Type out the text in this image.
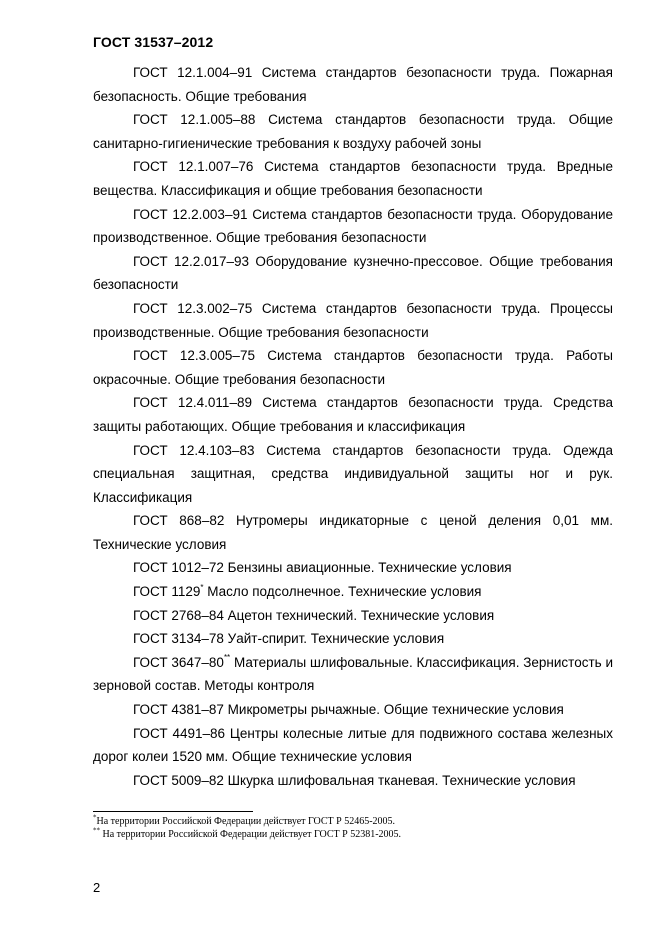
ГОСТ 31537–2012

ГОСТ 12.1.004–91 Система стандартов безопасности труда. Пожарная безопасность. Общие требования

ГОСТ 12.1.005–88 Система стандартов безопасности труда. Общие санитарно-гигиенические требования к воздуху рабочей зоны

ГОСТ 12.1.007–76 Система стандартов безопасности труда. Вредные вещества. Классификация и общие требования безопасности

ГОСТ 12.2.003–91 Система стандартов безопасности труда. Оборудование производственное. Общие требования безопасности

ГОСТ 12.2.017–93 Оборудование кузнечно-прессовое. Общие требования безопасности

ГОСТ 12.3.002–75 Система стандартов безопасности труда. Процессы производственные. Общие требования безопасности

ГОСТ 12.3.005–75 Система стандартов безопасности труда. Работы окрасочные. Общие требования безопасности

ГОСТ 12.4.011–89 Система стандартов безопасности труда. Средства защиты работающих. Общие требования и классификация

ГОСТ 12.4.103–83 Система стандартов безопасности труда. Одежда специальная защитная, средства индивидуальной защиты ног и рук. Классификация

ГОСТ 868–82 Нутромеры индикаторные с ценой деления 0,01 мм. Технические условия

ГОСТ 1012–72 Бензины авиационные. Технические условия

ГОСТ 1129* Масло подсолнечное. Технические условия

ГОСТ 2768–84 Ацетон технический. Технические условия

ГОСТ 3134–78 Уайт-спирит. Технические условия

ГОСТ 3647–80** Материалы шлифовальные. Классификация. Зернистость и зерновой состав. Методы контроля

ГОСТ 4381–87 Микрометры рычажные. Общие технические условия

ГОСТ 4491–86 Центры колесные литые для подвижного состава железных дорог колеи 1520 мм. Общие технические условия

ГОСТ 5009–82 Шкурка шлифовальная тканевая. Технические условия

*На территории Российской Федерации действует ГОСТ Р 52465-2005.
** На территории Российской Федерации действует ГОСТ Р 52381-2005.
2
